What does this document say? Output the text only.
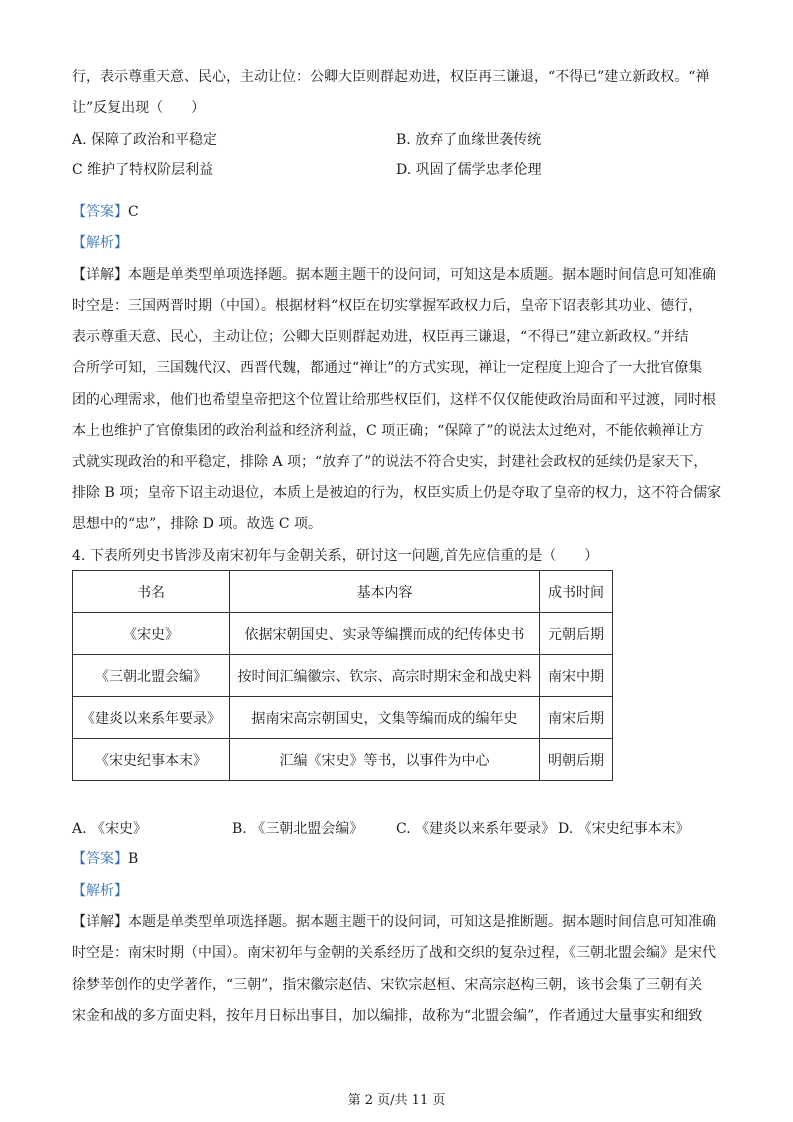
行，表示尊重天意、民心，主动让位：公卿大臣则群起劝进，权臣再三谦退，“不得已”建立新政权。“禅
让”反复出现（　　）
A. 保障了政治和平稳定	B. 放弃了血缘世袭传统
C 维护了特权阶层利益	D. 巩固了儒学忠孝伦理
【答案】C
【解析】
【详解】本题是单类型单项选择题。据本题主题干的设问词，可知这是本质题。据本题时间信息可知准确
时空是：三国两晋时期（中国）。根据材料“权臣在切实掌握军政权力后，皇帝下诏表彰其功业、德行，
表示尊重天意、民心，主动让位；公卿大臣则群起劝进，权臣再三谦退，“不得已”建立新政权。”并结
合所学可知，三国魏代汉、西晋代魏，都通过“禅让”的方式实现，禅让一定程度上迎合了一大批官僚集
团的心理需求，他们也希望皇帝把这个位置让给那些权臣们，这样不仅仅能使政治局面和平过渡，同时根
本上也维护了官僚集团的政治利益和经济利益，C 项正确；“保障了”的说法太过绝对，不能依赖禅让方
式就实现政治的和平稳定，排除 A 项；“放弃了”的说法不符合史实，封建社会政权的延续仍是家天下，
排除 B 项；皇帝下诏主动退位，本质上是被迫的行为，权臣实质上仍是夺取了皇帝的权力，这不符合儒家
思想中的“忠”，排除 D 项。故选 C 项。
4. 下表所列史书皆涉及南宋初年与金朝关系，研讨这一问题,首先应信重的是（　　）
书名	基本内容	成书时间
《宋史》	依据宋朝国史、实录等编撰而成的纪传体史书	元朝后期
《三朝北盟会编》	按时间汇编徽宗、钦宗、高宗时期宋金和战史料	南宋中期
《建炎以来系年要录》	据南宋高宗朝国史，文集等编而成的编年史	南宋后期
《宋史纪事本末》	汇编《宋史》等书，以事件为中心	明朝后期
A. 《宋史》	B. 《三朝北盟会编》 C. 《建炎以来系年要录》 D. 《宋史纪事本末》
【答案】B
【解析】
【详解】本题是单类型单项选择题。据本题主题干的设问词，可知这是推断题。据本题时间信息可知准确
时空是：南宋时期（中国）。南宋初年与金朝的关系经历了战和交织的复杂过程，《三朝北盟会编》是宋代
徐梦莘创作的史学著作，“三朝”，指宋徽宗赵佶、宋钦宗赵桓、宋高宗赵构三朝，该书会集了三朝有关
宋金和战的多方面史料，按年月日标出事目，加以编排，故称为“北盟会编”，作者通过大量事实和细致
第 2 页/共 11 页
